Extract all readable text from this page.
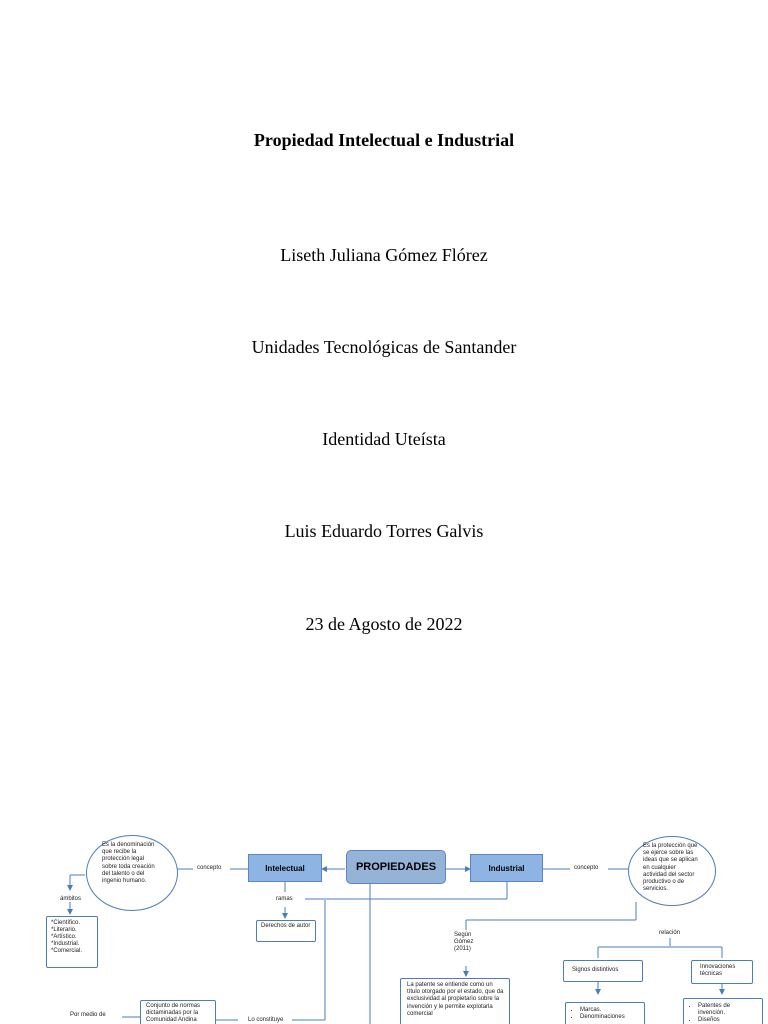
Propiedad Intelectual e Industrial
Liseth Juliana Gómez Flórez
Unidades Tecnológicas de Santander
Identidad Uteísta
Luis Eduardo Torres Galvis
23 de Agosto de 2022
Es la denominación que recibe la protección legal sobre toda creación del talento o del ingenio humano.
concepto	Intelectual	PROPIEDADES	Industrial	concepto
Es la protección que se ejerce sobre las ideas que se aplican en cualquier actividad del sector productivo o de servicios.
ámbitos
*Científico.
*Literario.
*Artístico.
*Industrial.
*Comercial.
ramas
Derechos de autor
Según Gómez (2011)
relación
Signos distintivos	Innovaciones técnicas
La patente se entiende como un título otorgado por el estado, que da exclusividad al propietario sobre la invención y le permite explotarla comercial
• Marcas.
• Denominaciones
• Patentes de invención.
• Diseños
Conjunto de normas dictaminadas por la Comunidad Andina	Lo constituye
Por medio de
